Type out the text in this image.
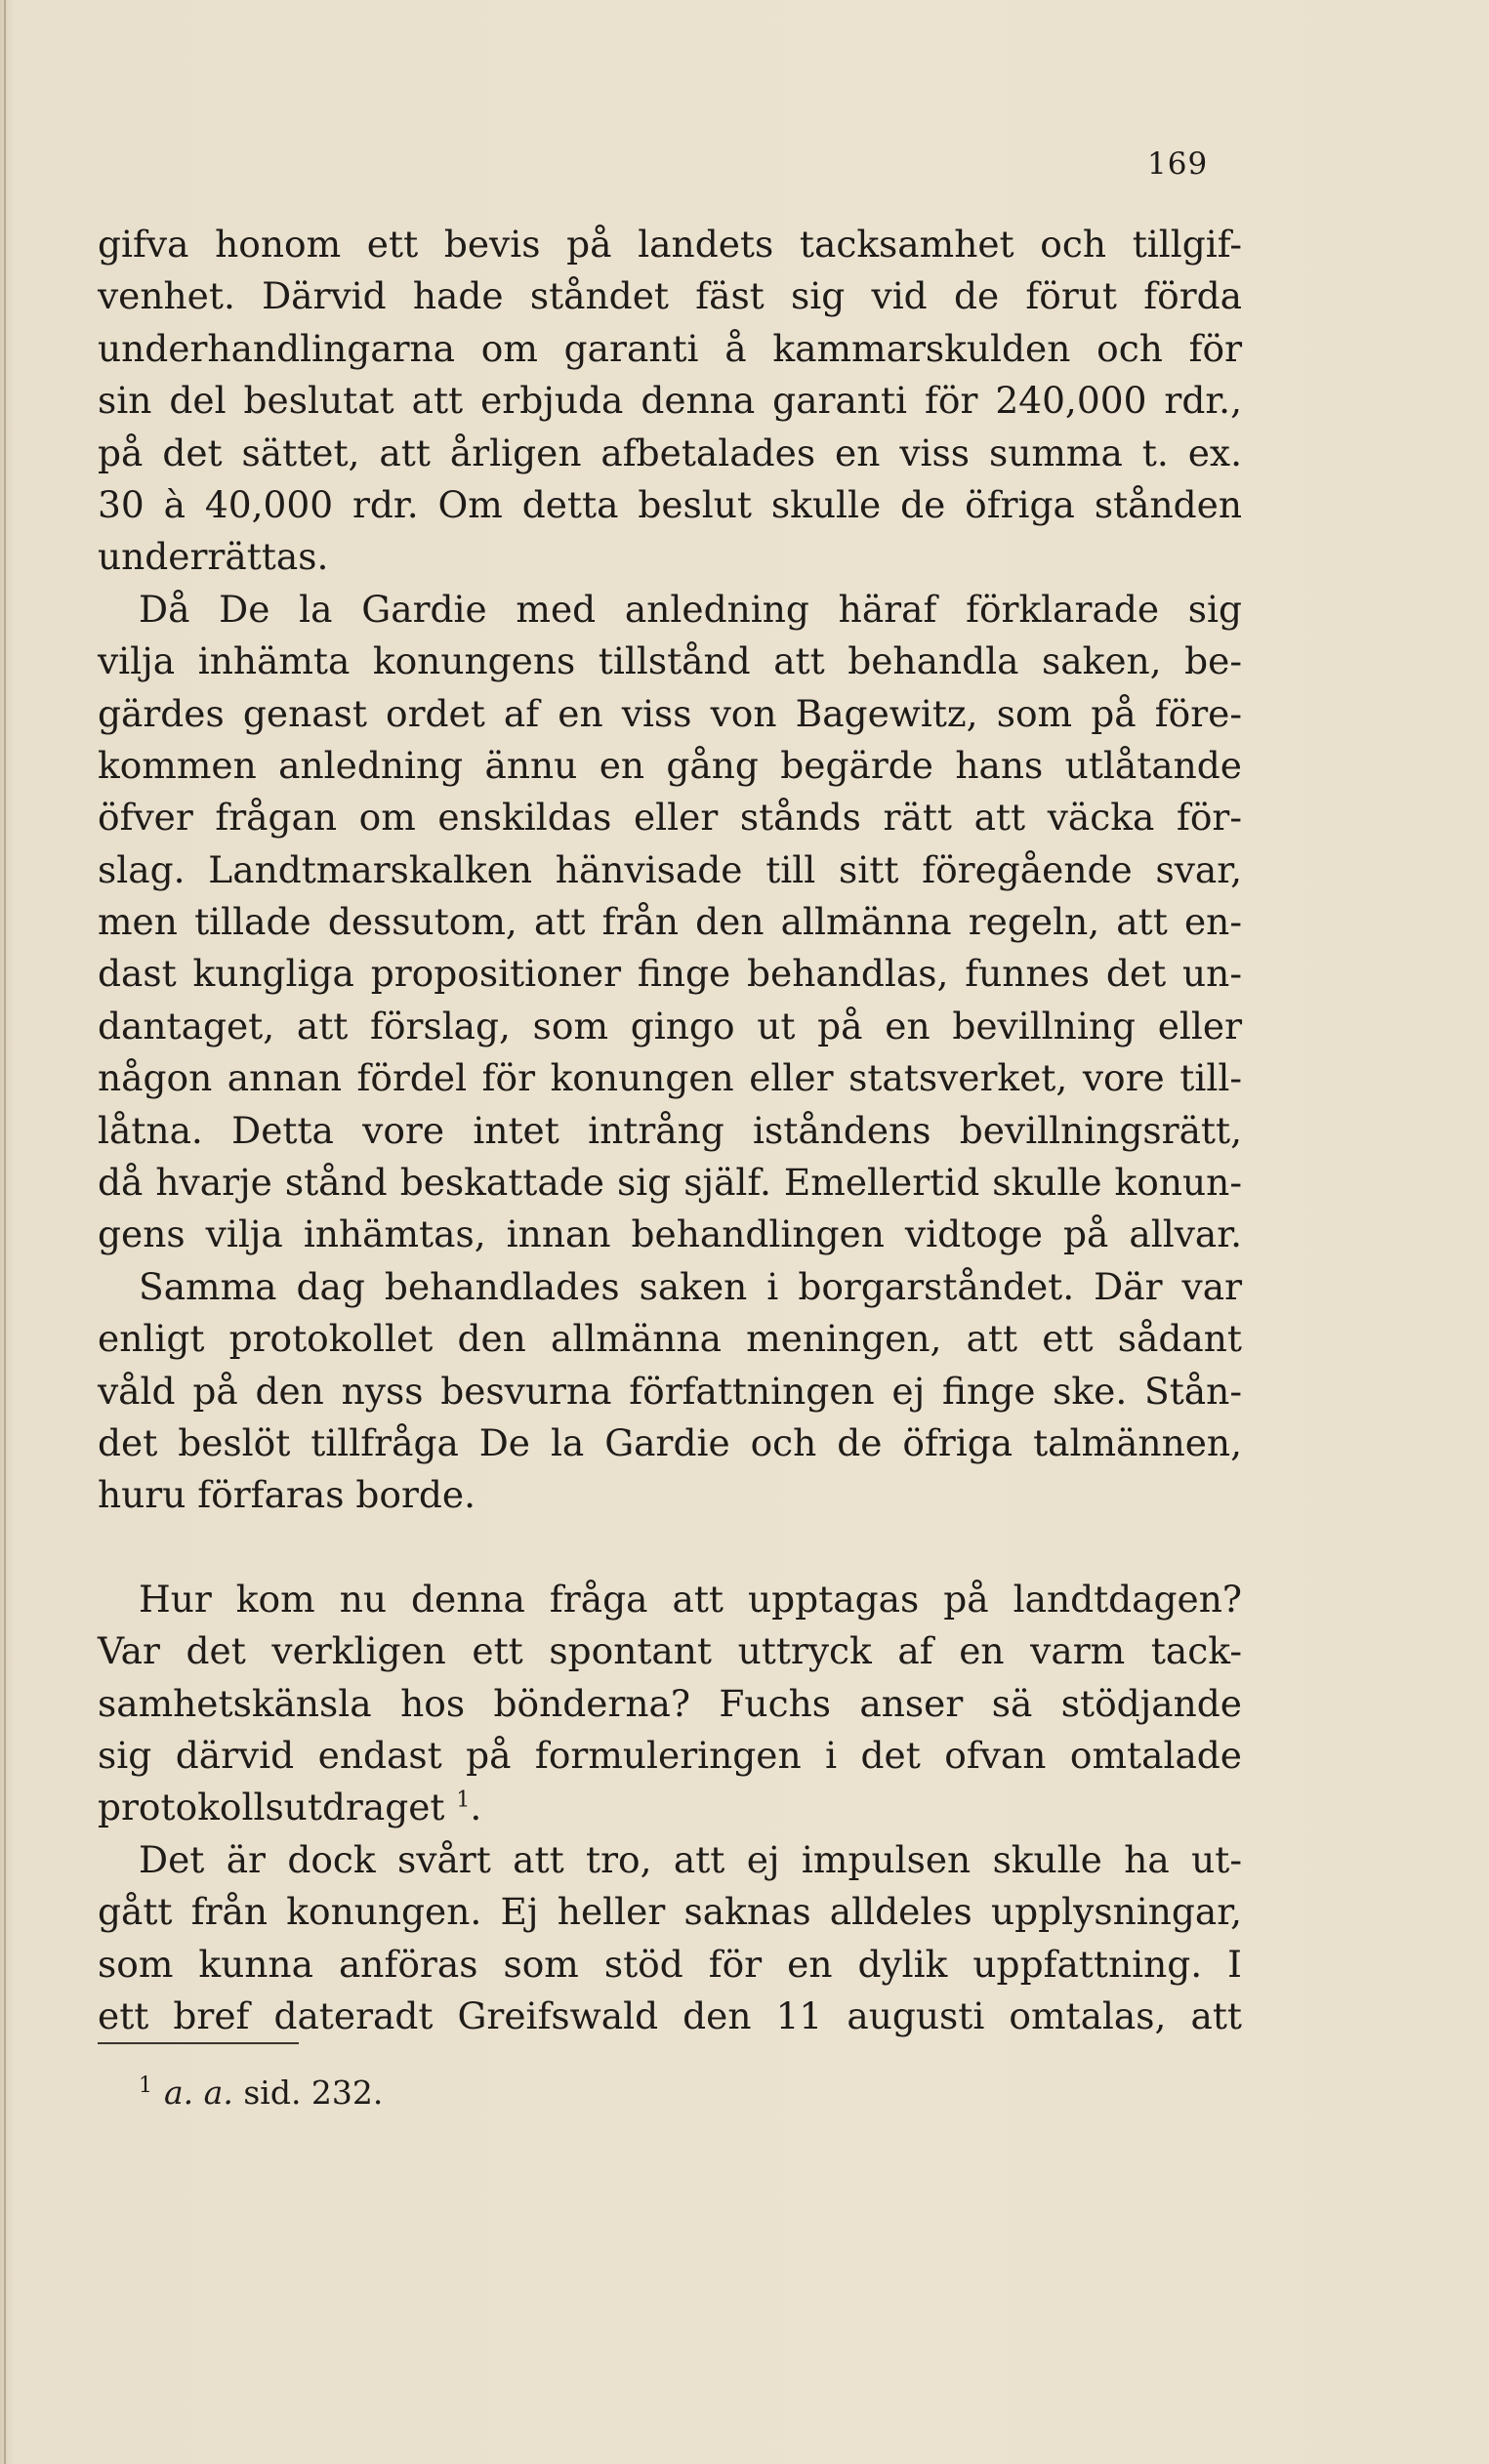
169
gifva honom ett bevis på landets tacksamhet och tillgif-
venhet. Därvid hade ståndet fäst sig vid de förut förda
underhandlingarna om garanti å kammarskulden och för
sin del beslutat att erbjuda denna garanti för 240,000 rdr.,
på det sättet, att årligen afbetalades en viss summa t. ex.
30 à 40,000 rdr. Om detta beslut skulle de öfriga stånden
underrättas.
Då De la Gardie med anledning häraf förklarade sig
vilja inhämta konungens tillstånd att behandla saken, be-
gärdes genast ordet af en viss von Bagewitz, som på före-
kommen anledning ännu en gång begärde hans utlåtande
öfver frågan om enskildas eller stånds rätt att väcka för-
slag. Landtmarskalken hänvisade till sitt föregående svar,
men tillade dessutom, att från den allmänna regeln, att en-
dast kungliga propositioner finge behandlas, funnes det un-
dantaget, att förslag, som gingo ut på en bevillning eller
någon annan fördel för konungen eller statsverket, vore till-
låtna. Detta vore intet intrång iståndens bevillningsrätt,
då hvarje stånd beskattade sig själf. Emellertid skulle konun-
gens vilja inhämtas, innan behandlingen vidtoge på allvar.
Samma dag behandlades saken i borgarståndet. Där var
enligt protokollet den allmänna meningen, att ett sådant
våld på den nyss besvurna författningen ej finge ske. Stån-
det beslöt tillfråga De la Gardie och de öfriga talmännen,
huru förfaras borde.
Hur kom nu denna fråga att upptagas på landtdagen?
Var det verkligen ett spontant uttryck af en varm tack-
samhetskänsla hos bönderna? Fuchs anser sä stödjande
sig därvid endast på formuleringen i det ofvan omtalade
protokollsutdraget $^1$.
Det är dock svårt att tro, att ej impulsen skulle ha ut-
gått från konungen. Ej heller saknas alldeles upplysningar,
som kunna anföras som stöd för en dylik uppfattning. I
ett bref dateradt Greifswald den 11 augusti omtalas, att
$^1$ a. a. sid. 232.
